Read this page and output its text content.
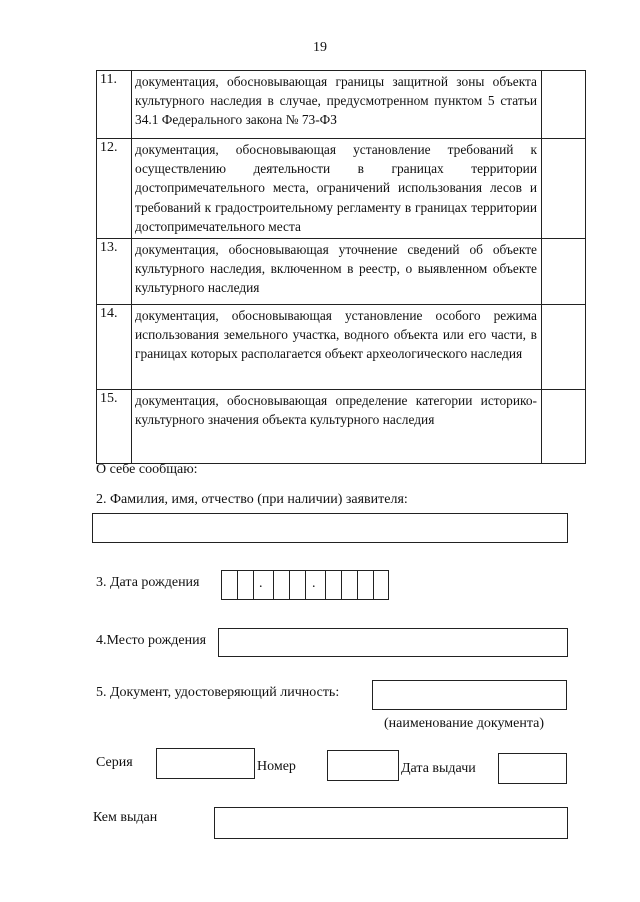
19
11.	документация, обосновывающая границы защитной зоны объекта культурного наследия в случае, предусмотренном пунктом 5 статьи 34.1 Федерального закона № 73-ФЗ	
12.	документация, обосновывающая установление требований к осуществлению деятельности в границах территории достопримечательного места, ограничений использования лесов и требований к градостроительному регламенту в границах территории достопримечательного места	
13.	документация, обосновывающая уточнение сведений об объекте культурного наследия, включенном в реестр, о выявленном объекте культурного наследия	
14.	документация, обосновывающая установление особого режима использования земельного участка, водного объекта или его части, в границах которых располагается объект археологического наследия	
15.	документация, обосновывающая определение категории историко-культурного значения объекта культурного наследия	
О себе сообщаю:
2. Фамилия, имя, отчество (при наличии) заявителя:
3. Дата рождения	.	.
4.Место рождения
5. Документ, удостоверяющий личность:
(наименование документа)
Серия	Номер	Дата выдачи
Кем выдан
